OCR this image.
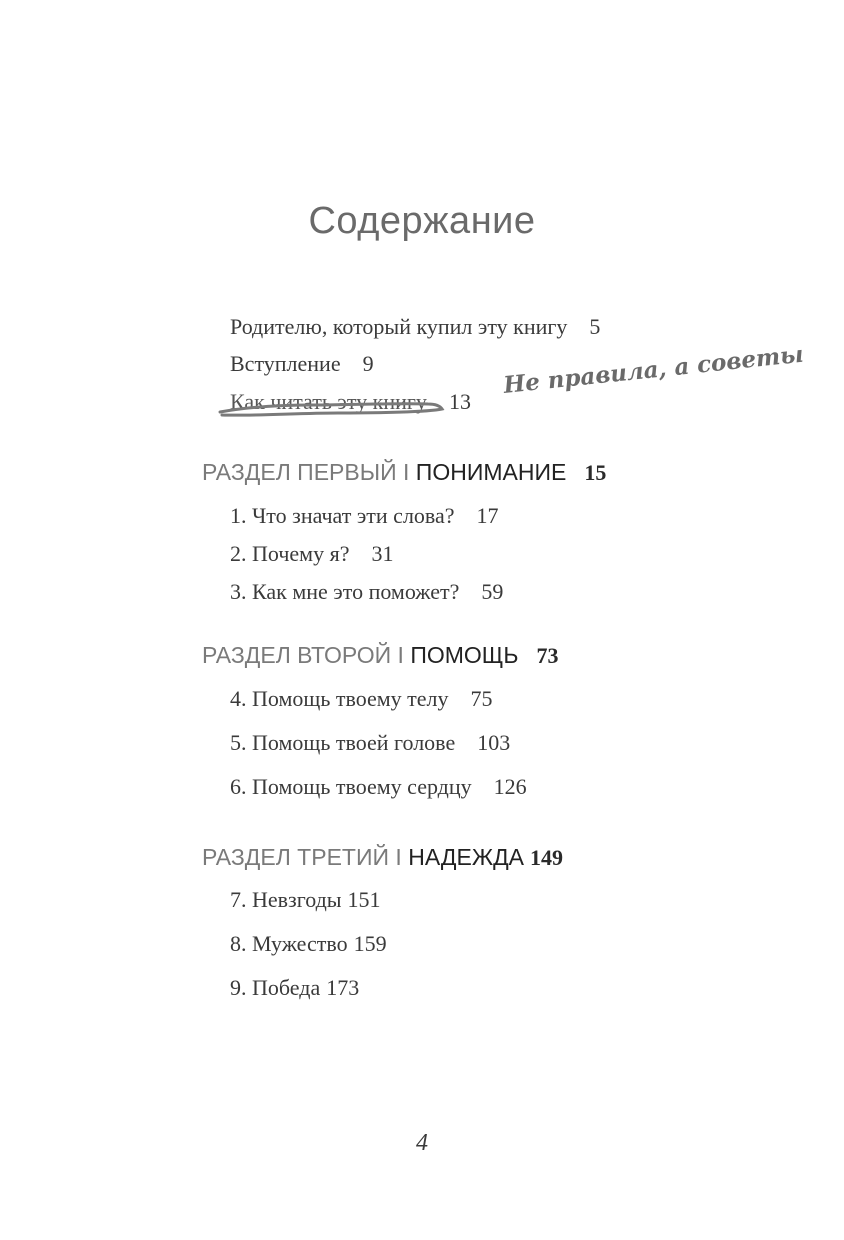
Содержание
Родителю, который купил эту книгу 5
Вступление 9
Как читать эту книгу 13
Не правила, а советы
РАЗДЕЛ ПЕРВЫЙ I ПОНИМАНИЕ 15
1. Что значат эти слова? 17
2. Почему я? 31
3. Как мне это поможет? 59
РАЗДЕЛ ВТОРОЙ I ПОМОЩЬ 73
4. Помощь твоему телу 75
5. Помощь твоей голове 103
6. Помощь твоему сердцу 126
РАЗДЕЛ ТРЕТИЙ I НАДЕЖДА 149
7. Невзгоды 151
8. Мужество 159
9. Победа 173
4
